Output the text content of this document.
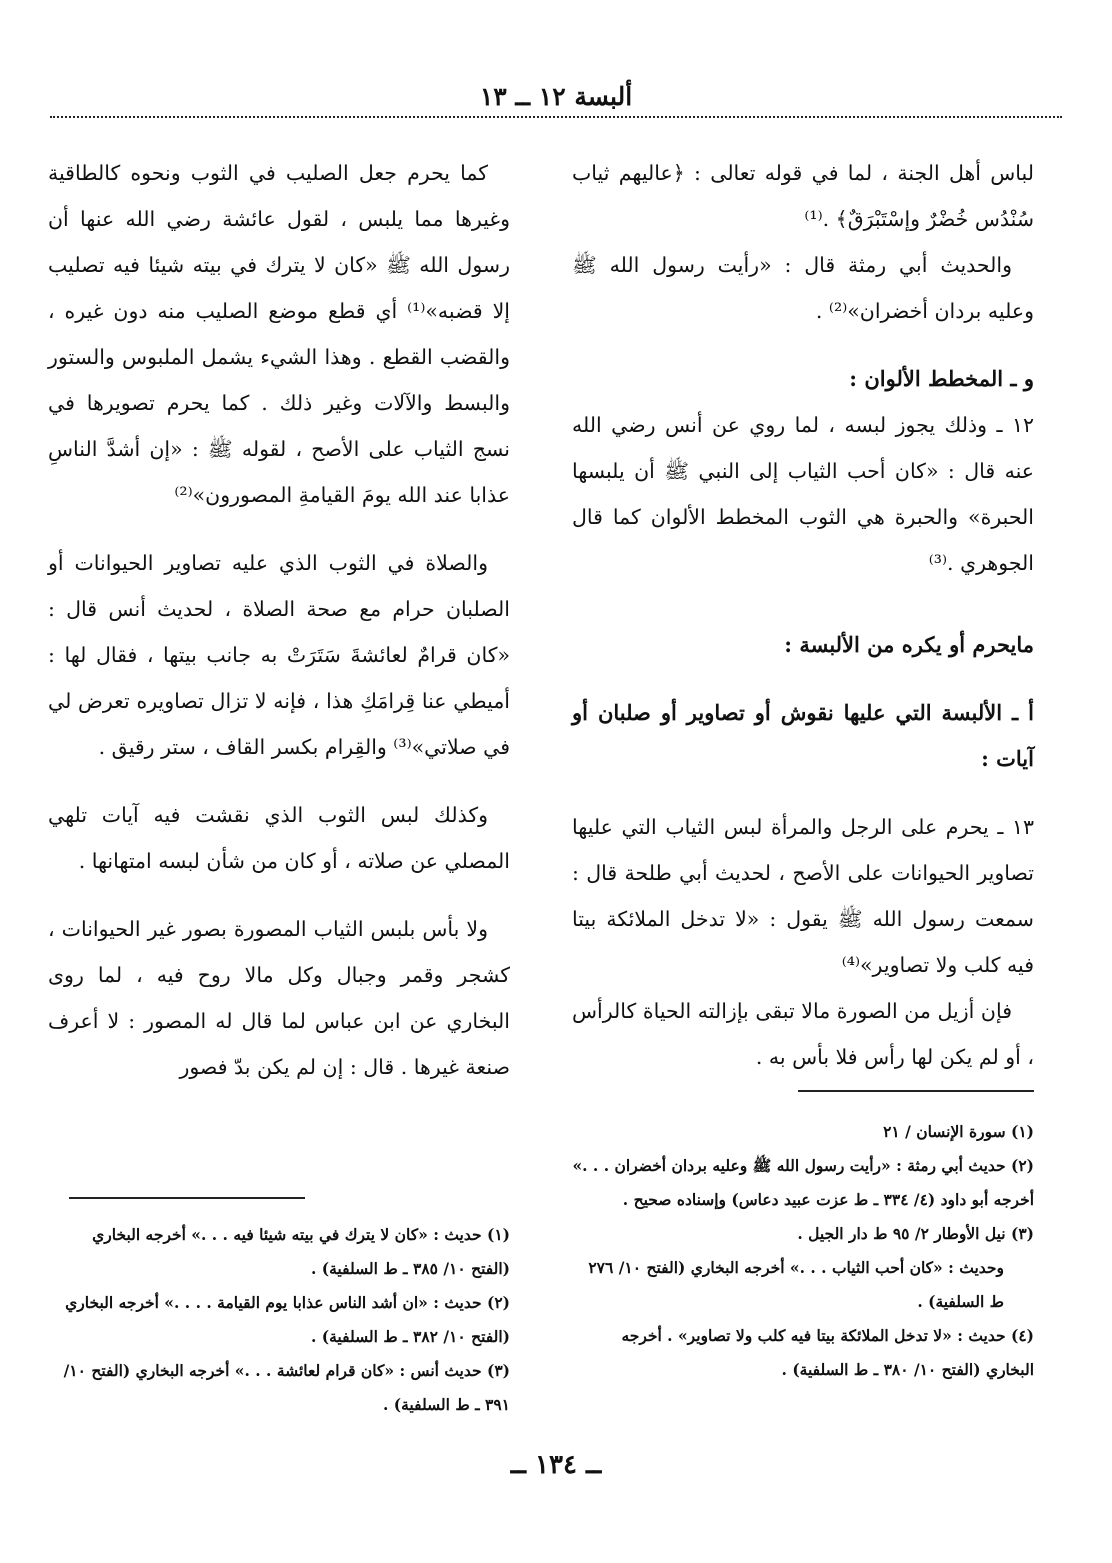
ألبسة ١٢ ــ ١٣

لباس أهل الجنة ، لما في قوله تعالى : ﴿عاليهم ثياب سُنْدُس خُضْرٌ وإسْتَبْرَقٌ﴾ .⁽¹⁾

والحديث أبي رمثة قال : «رأيت رسول الله ﷺ وعليه بردان أخضران»⁽²⁾ .

و ـ المخطط الألوان :

١٢ ـ وذلك يجوز لبسه ، لما روي عن أنس رضي الله عنه قال : «كان أحب الثياب إلى النبي ﷺ أن يلبسها الحبرة» والحبرة هي الثوب المخطط الألوان كما قال الجوهري .⁽³⁾

مايحرم أو يكره من الألبسة :
أ ـ الألبسة التي عليها نقوش أو تصاوير أو صلبان أو آيات :

١٣ ـ يحرم على الرجل والمرأة لبس الثياب التي عليها تصاوير الحيوانات على الأصح ، لحديث أبي طلحة قال : سمعت رسول الله ﷺ يقول : «لا تدخل الملائكة بيتا فيه كلب ولا تصاوير»⁽⁴⁾

فإن أزيل من الصورة مالا تبقى بإزالته الحياة كالرأس ، أو لم يكن لها رأس فلا بأس به .

كما يحرم جعل الصليب في الثوب ونحوه كالطاقية وغيرها مما يلبس ، لقول عائشة رضي الله عنها أن رسول الله ﷺ «كان لا يترك في بيته شيئا فيه تصليب إلا قضبه»⁽¹⁾ أي قطع موضع الصليب منه دون غيره ، والقضب القطع . وهذا الشيء يشمل الملبوس والستور والبسط والآلات وغير ذلك . كما يحرم تصويرها في نسج الثياب على الأصح ، لقوله ﷺ : «إن أشدَّ الناسِ عذابا عند الله يومَ القيامةِ المصورون»⁽²⁾

والصلاة في الثوب الذي عليه تصاوير الحيوانات أو الصلبان حرام مع صحة الصلاة ، لحديث أنس قال : «كان قرامٌ لعائشةَ سَتَرَتْ به جانب بيتها ، فقال لها : أميطي عنا قِرامَكِ هذا ، فإنه لا تزال تصاويره تعرض لي في صلاتي»⁽³⁾ والقِرام بكسر القاف ، ستر رقيق .

وكذلك لبس الثوب الذي نقشت فيه آيات تلهي المصلي عن صلاته ، أو كان من شأن لبسه امتهانها .

ولا بأس بلبس الثياب المصورة بصور غير الحيوانات ، كشجر وقمر وجبال وكل مالا روح فيه ، لما روى البخاري عن ابن عباس لما قال له المصور : لا أعرف صنعة غيرها . قال : إن لم يكن بدّ فصور

(١) سورة الإنسان / ٢١

(٢) حديث أبي رمثة : «رأيت رسول الله ﷺ وعليه بردان أخضران . . .» أخرجه أبو داود (٤/ ٣٣٤ ـ ط عزت عبيد دعاس) وإسناده صحيح .

(٣) نيل الأوطار ٢/ ٩٥ ط دار الجيل .

وحديث : «كان أحب الثياب . . .» أخرجه البخاري (الفتح ١٠/ ٢٧٦ ط السلفية) .

(٤) حديث : «لا تدخل الملائكة بيتا فيه كلب ولا تصاوير» . أخرجه البخاري (الفتح ١٠/ ٣٨٠ ـ ط السلفية) .

(١) حديث : «كان لا يترك في بيته شيئا فيه . . .» أخرجه البخاري (الفتح ١٠/ ٣٨٥ ـ ط السلفية) .

(٢) حديث : «ان أشد الناس عذابا يوم القيامة . . . .» أخرجه البخاري (الفتح ١٠/ ٣٨٢ ـ ط السلفية) .

(٣) حديث أنس : «كان قرام لعائشة . . .» أخرجه البخاري (الفتح ١٠/ ٣٩١ ـ ط السلفية) .

ــ ١٣٤ ــ
